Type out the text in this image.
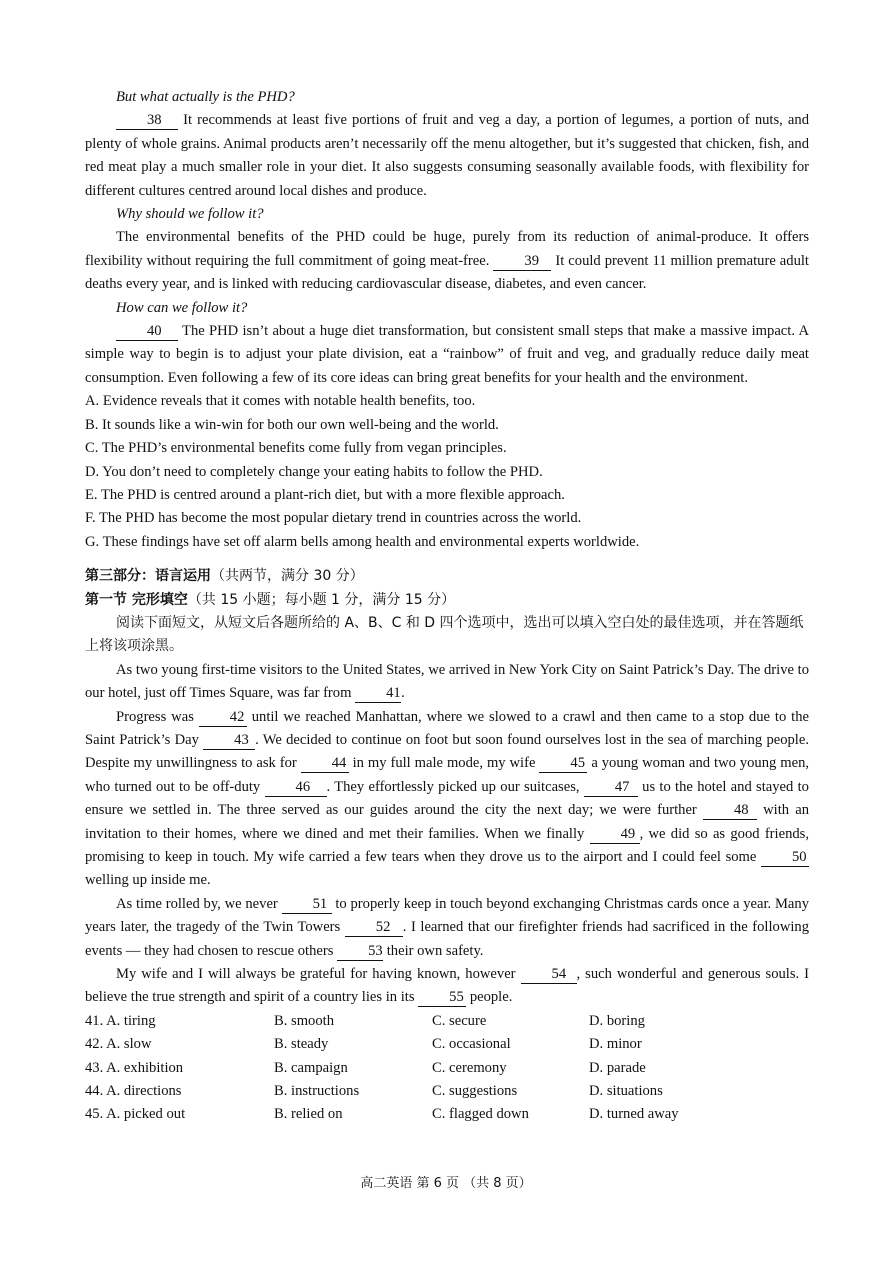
But what actually is the PHD?

38 It recommends at least five portions of fruit and veg a day, a portion of legumes, a portion of nuts, and plenty of whole grains. Animal products aren’t necessarily off the menu altogether, but it’s suggested that chicken, fish, and red meat play a much smaller role in your diet. It also suggests consuming seasonally available foods, with flexibility for different cultures centred around local dishes and produce.

Why should we follow it?

The environmental benefits of the PHD could be huge, purely from its reduction of animal-produce. It offers flexibility without requiring the full commitment of going meat-free. 39 It could prevent 11 million premature adult deaths every year, and is linked with reducing cardiovascular disease, diabetes, and even cancer.

How can we follow it?

40 The PHD isn’t about a huge diet transformation, but consistent small steps that make a massive impact. A simple way to begin is to adjust your plate division, eat a “rainbow” of fruit and veg, and gradually reduce daily meat consumption. Even following a few of its core ideas can bring great benefits for your health and the environment.

A. Evidence reveals that it comes with notable health benefits, too.

B. It sounds like a win-win for both our own well-being and the world.

C. The PHD’s environmental benefits come fully from vegan principles.

D. You don’t need to completely change your eating habits to follow the PHD.

E. The PHD is centred around a plant-rich diet, but with a more flexible approach.

F. The PHD has become the most popular dietary trend in countries across the world.

G. These findings have set off alarm bells among health and environmental experts worldwide.

第三部分：语言运用（共两节，满分 30 分）

第一节 完形填空（共 15 小题；每小题 1 分，满分 15 分）

阅读下面短文，从短文后各题所给的 A、B、C 和 D 四个选项中，选出可以填入空白处的最佳选项，并在答题纸上将该项涂黑。

As two young first-time visitors to the United States, we arrived in New York City on Saint Patrick’s Day. The drive to our hotel, just off Times Square, was far from 41.

Progress was 42 until we reached Manhattan, where we slowed to a crawl and then came to a stop due to the Saint Patrick’s Day 43 . We decided to continue on foot but soon found ourselves lost in the sea of marching people. Despite my unwillingness to ask for 44 in my full male mode, my wife 45 a young woman and two young men, who turned out to be off-duty 46 . They effortlessly picked up our suitcases, 47 us to the hotel and stayed to ensure we settled in. The three served as our guides around the city the next day; we were further	48 with an invitation to their homes, where we dined and met their families. When we finally 49 , we did so as good friends, promising to keep in touch. My wife carried a few tears when they drove us to the airport and I could feel some 50 welling up inside me.

As time rolled by, we never 51 to properly keep in touch beyond exchanging Christmas cards once a year. Many years later, the tragedy of the Twin Towers 52 . I learned that our firefighter friends had sacrificed in the following events — they had chosen to rescue others 53 their own safety.

My wife and I will always be grateful for having known, however 54 , such wonderful and generous souls. I believe the true strength and spirit of a country lies in its 55 people.

41. A. tiring	B. smooth	C. secure	D. boring
42. A. slow	B. steady	C. occasional	D. minor
43. A. exhibition	B. campaign	C. ceremony	D. parade
44. A. directions	B. instructions	C. suggestions	D. situations
45. A. picked out	B. relied on	C. flagged down	D. turned away
高二英语 第 6 页 （共 8 页）
